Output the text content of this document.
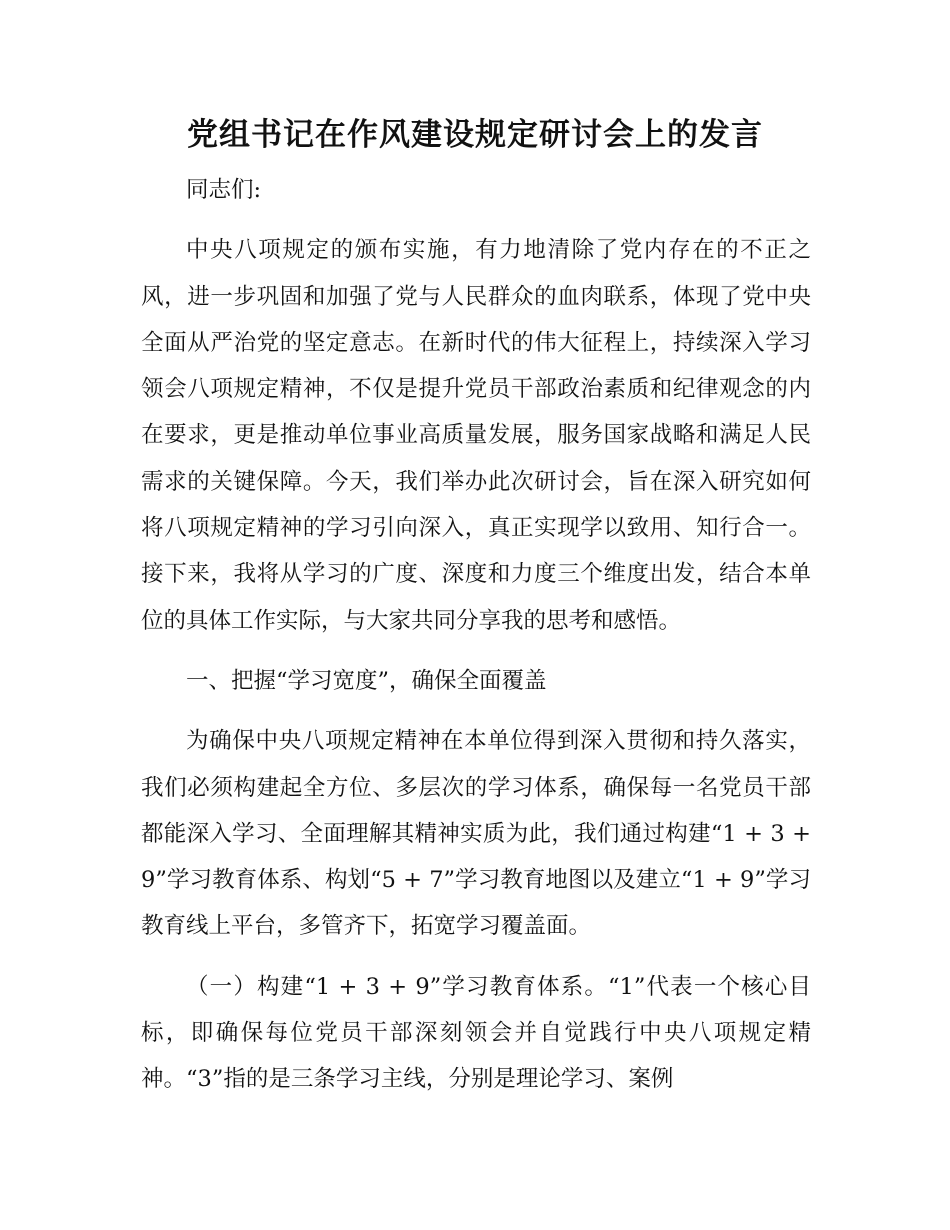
党组书记在作风建设规定研讨会上的发言

同志们:

中央八项规定的颁布实施，有力地清除了党内存在的不正之风，进一步巩固和加强了党与人民群众的血肉联系，体现了党中央全面从严治党的坚定意志。在新时代的伟大征程上，持续深入学习领会八项规定精神，不仅是提升党员干部政治素质和纪律观念的内在要求，更是推动单位事业高质量发展，服务国家战略和满足人民需求的关键保障。今天，我们举办此次研讨会，旨在深入研究如何将八项规定精神的学习引向深入，真正实现学以致用、知行合一。接下来，我将从学习的广度、深度和力度三个维度出发，结合本单位的具体工作实际，与大家共同分享我的思考和感悟。

一、把握“学习宽度”，确保全面覆盖

为确保中央八项规定精神在本单位得到深入贯彻和持久落实，我们必须构建起全方位、多层次的学习体系，确保每一名党员干部都能深入学习、全面理解其精神实质为此，我们通过构建“1 + 3 + 9”学习教育体系、构划“5 + 7”学习教育地图以及建立“1 + 9”学习教育线上平台，多管齐下，拓宽学习覆盖面。

（一）构建“1 + 3 + 9”学习教育体系。“1”代表一个核心目标，即确保每位党员干部深刻领会并自觉践行中央八项规定精神。“3”指的是三条学习主线，分别是理论学习、案例
